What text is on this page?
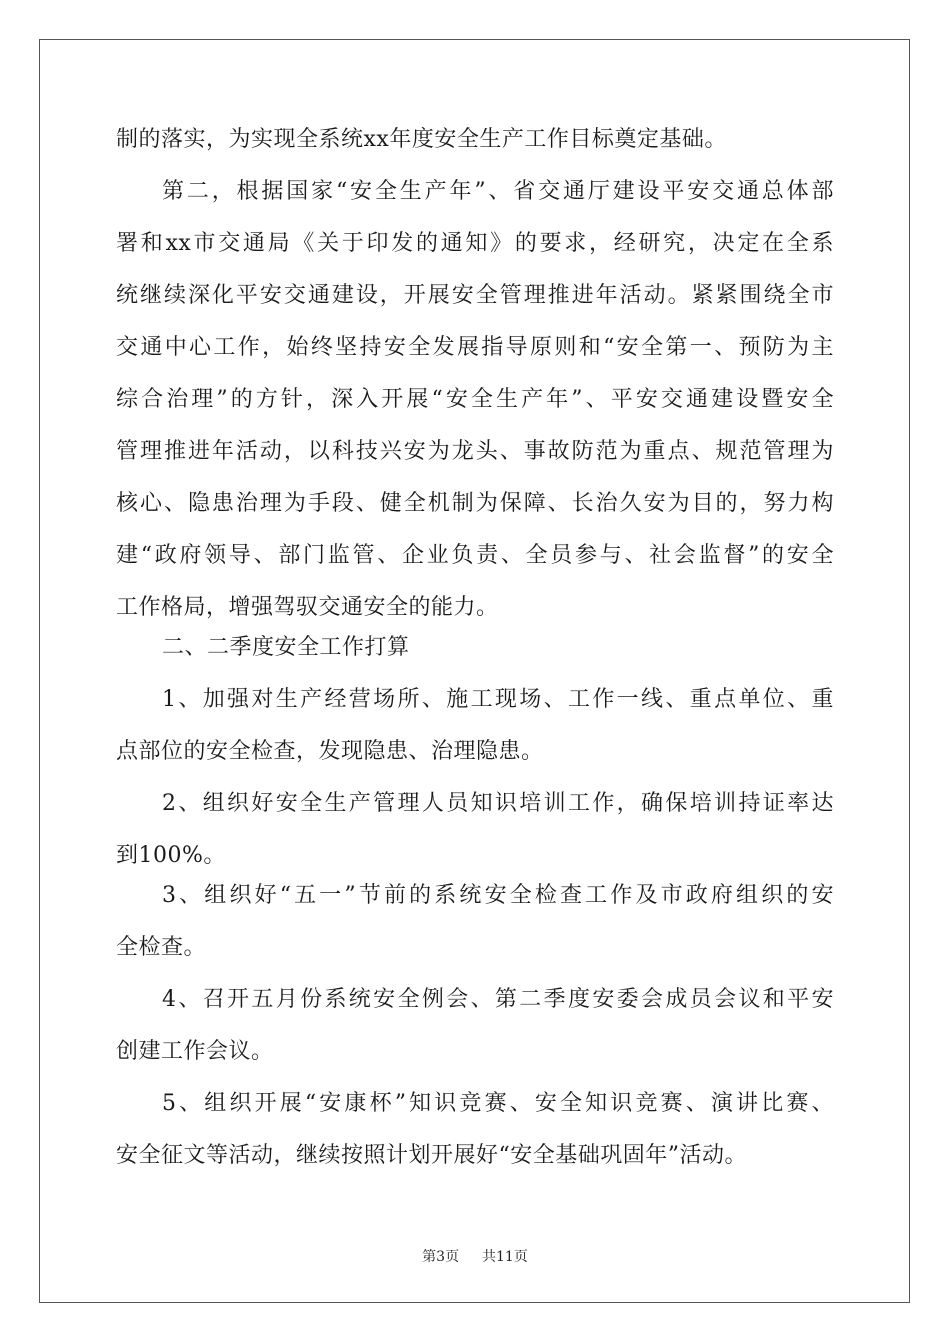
制的落实，为实现全系统xx年度安全生产工作目标奠定基础。
第二，根据国家“安全生产年”、省交通厅建设平安交通总体部
署和xx市交通局《关于印发的通知》的要求，经研究，决定在全系
统继续深化平安交通建设，开展安全管理推进年活动。紧紧围绕全市
交通中心工作，始终坚持安全发展指导原则和“安全第一、预防为主
综合治理”的方针，深入开展“安全生产年”、平安交通建设暨安全
管理推进年活动，以科技兴安为龙头、事故防范为重点、规范管理为
核心、隐患治理为手段、健全机制为保障、长治久安为目的，努力构
建“政府领导、部门监管、企业负责、全员参与、社会监督”的安全
工作格局，增强驾驭交通安全的能力。
二、二季度安全工作打算
1、加强对生产经营场所、施工现场、工作一线、重点单位、重
点部位的安全检查，发现隐患、治理隐患。
2、组织好安全生产管理人员知识培训工作，确保培训持证率达
到100%。
3、组织好“五一”节前的系统安全检查工作及市政府组织的安
全检查。
4、召开五月份系统安全例会、第二季度安委会成员会议和平安
创建工作会议。
5、组织开展“安康杯”知识竞赛、安全知识竞赛、演讲比赛、
安全征文等活动，继续按照计划开展好“安全基础巩固年”活动。
第3页 共11页
